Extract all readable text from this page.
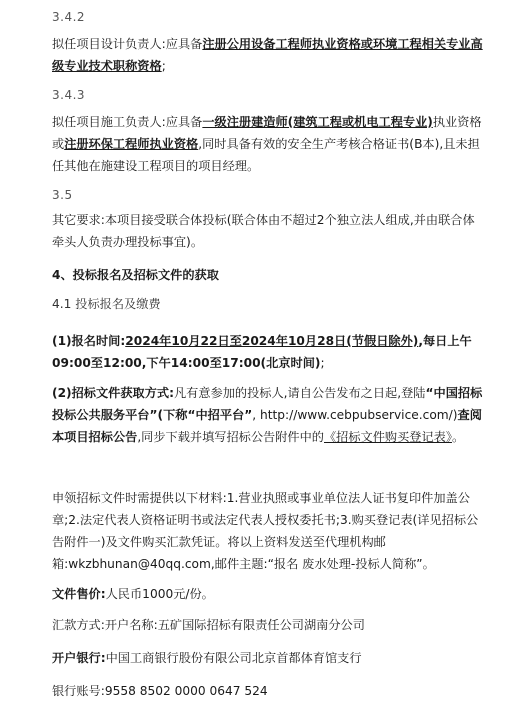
3.4.2
拟任项目设计负责人:应具备注册公用设备工程师执业资格或环境工程相关专业高级专业技术职称资格;
3.4.3
拟任项目施工负责人:应具备一级注册建造师(建筑工程或机电工程专业)执业资格或注册环保工程师执业资格,同时具备有效的安全生产考核合格证书(B本),且未担任其他在施建设工程项目的项目经理。
3.5
其它要求:本项目接受联合体投标(联合体由不超过2个独立法人组成,并由联合体牵头人负责办理投标事宜)。
4、投标报名及招标文件的获取
4.1 投标报名及缴费
(1)报名时间:2024年10月22日至2024年10月28日(节假日除外),每日上午09:00至12:00,下午14:00至17:00(北京时间);
(2)招标文件获取方式:凡有意参加的投标人,请自公告发布之日起,登陆“中国招标投标公共服务平台”(下称“中招平台”, http://www.cebpubservice.com/)查阅本项目招标公告,同步下载并填写招标公告附件中的《招标文件购买登记表》。
申领招标文件时需提供以下材料:1.营业执照或事业单位法人证书复印件加盖公章;2.法定代表人资格证明书或法定代表人授权委托书;3.购买登记表(详见招标公告附件一)及文件购买汇款凭证。将以上资料发送至代理机构邮箱:wkzbhunan@40qq.com,邮件主题:“报名 废水处理-投标人简称”。
文件售价:人民币1000元/份。
汇款方式:开户名称:五矿国际招标有限责任公司湖南分公司
开户银行:中国工商银行股份有限公司北京首都体育馆支行
银行账号:9558 8502 0000 0647 524
